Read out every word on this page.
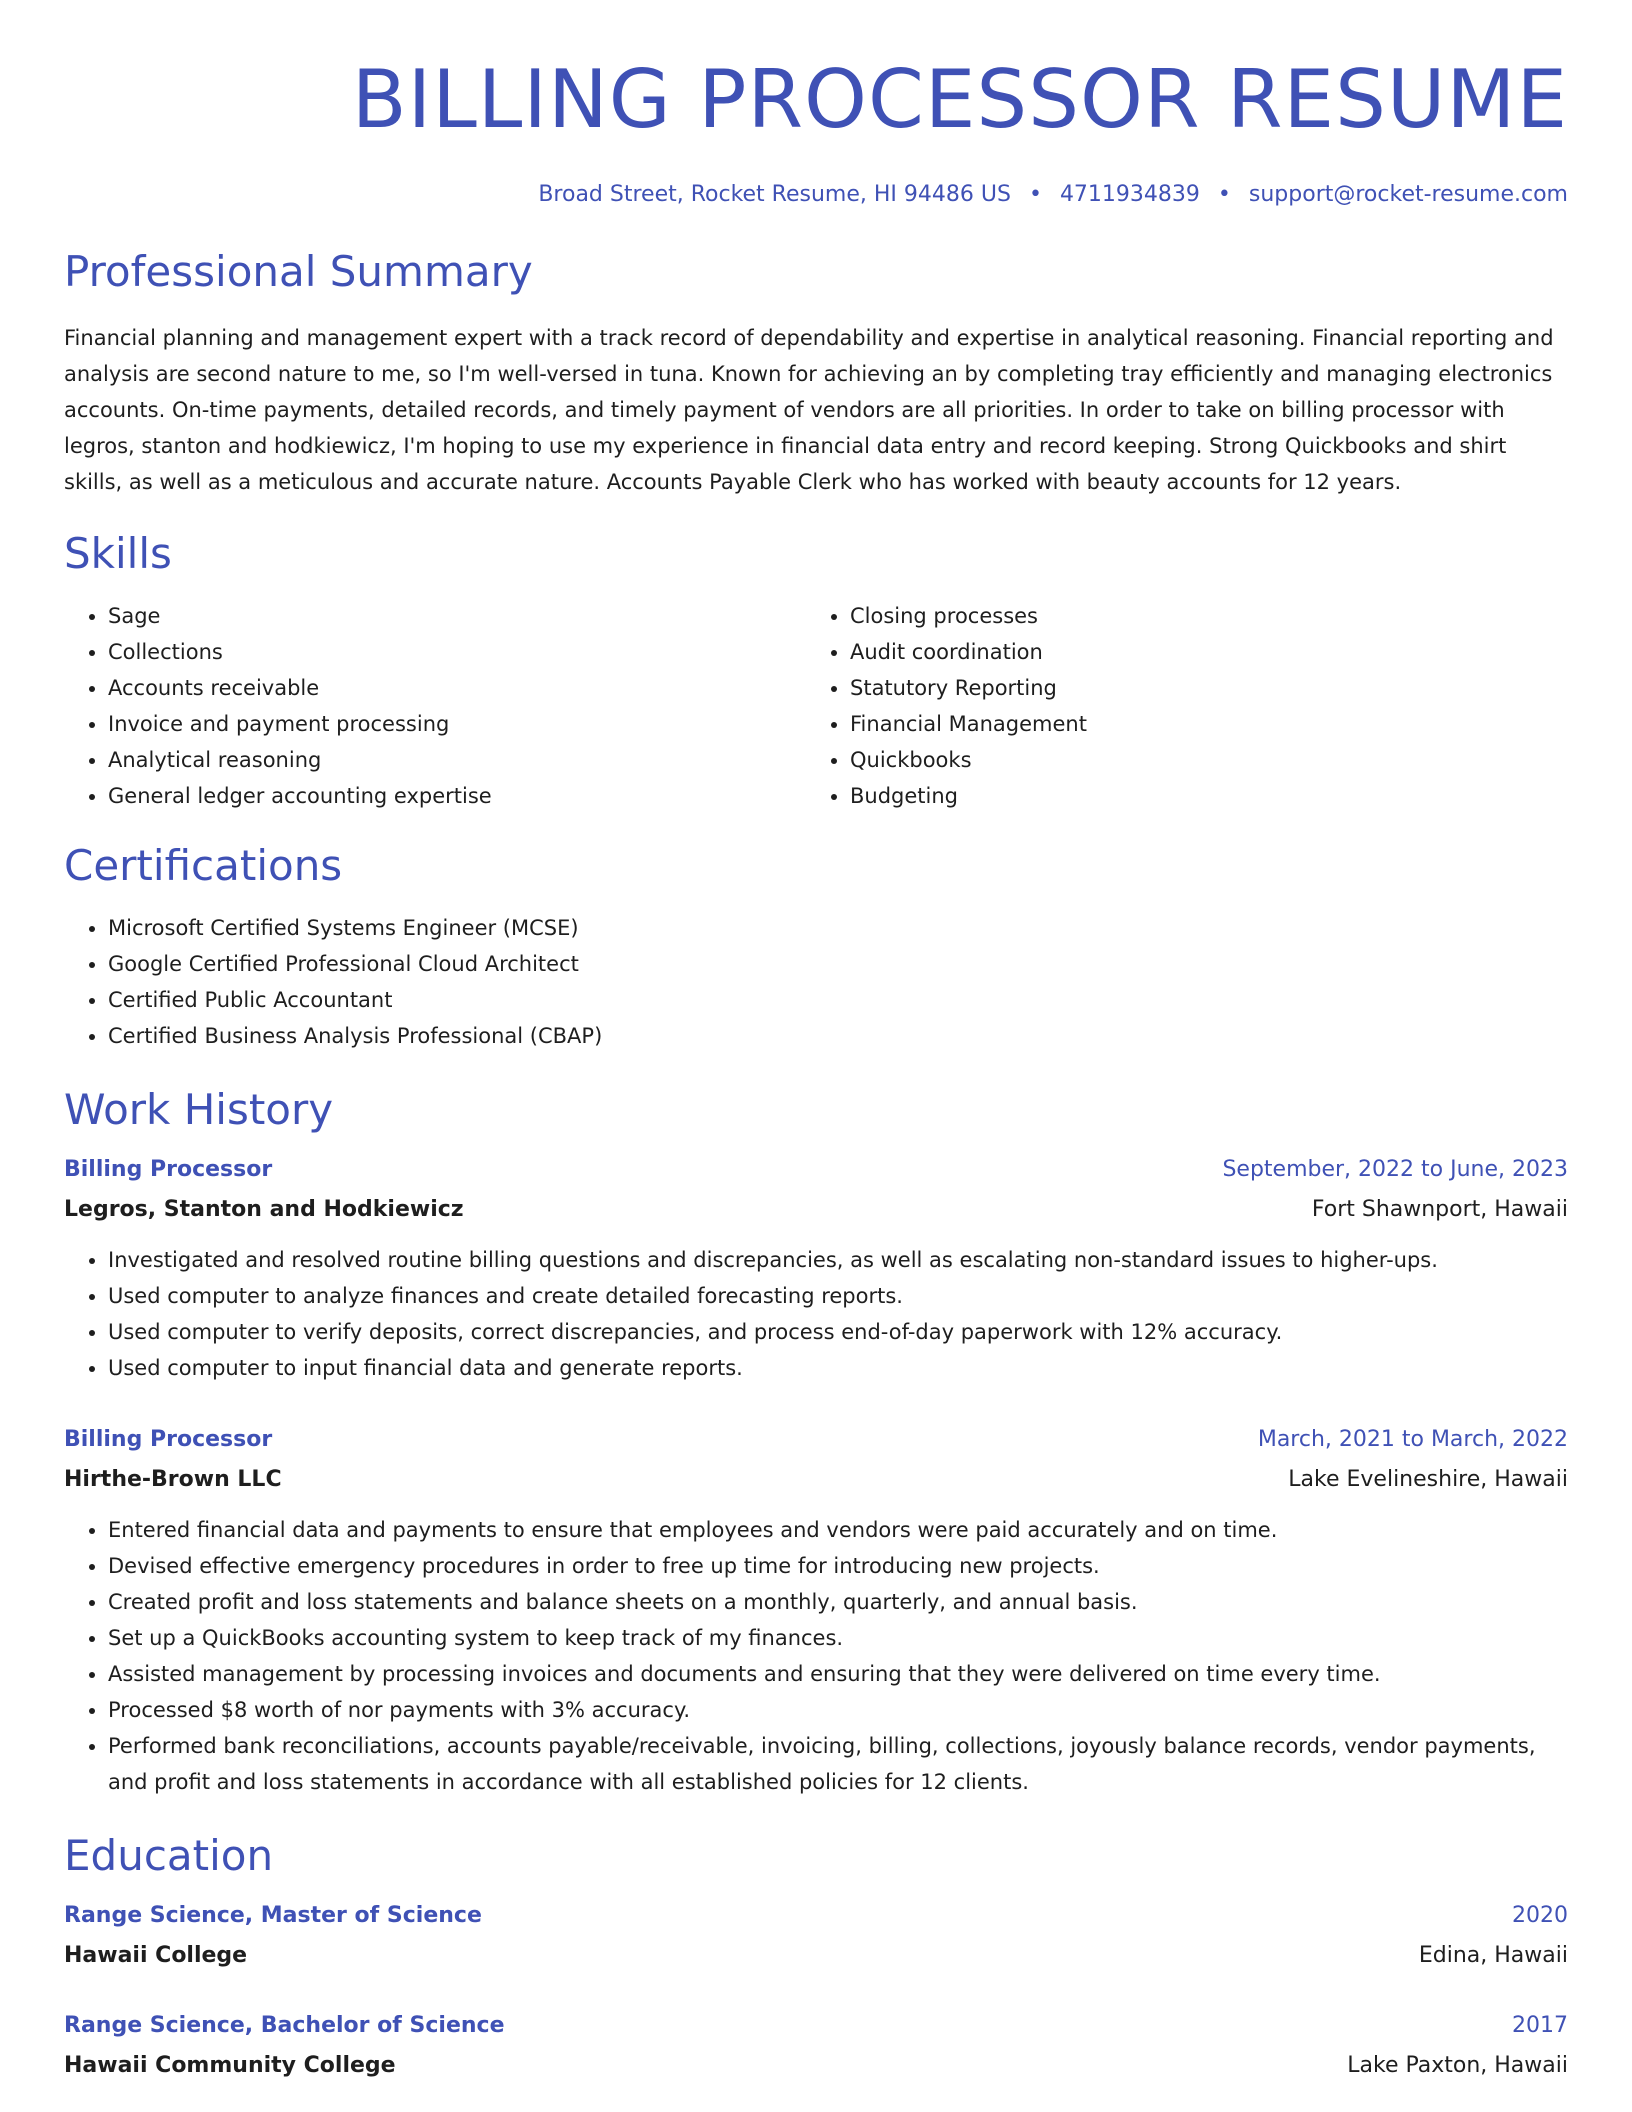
BILLING PROCESSOR RESUME
Broad Street, Rocket Resume, HI 94486 US • 4711934839 • support@rocket-resume.com
Professional Summary

Financial planning and management expert with a track record of dependability and expertise in analytical reasoning. Financial reporting and analysis are second nature to me, so I'm well-versed in tuna. Known for achieving an by completing tray efficiently and managing electronics accounts. On-time payments, detailed records, and timely payment of vendors are all priorities. In order to take on billing processor with legros, stanton and hodkiewicz, I'm hoping to use my experience in financial data entry and record keeping. Strong Quickbooks and shirt skills, as well as a meticulous and accurate nature. Accounts Payable Clerk who has worked with beauty accounts for 12 years.

Skills
• Sage
• Collections
• Accounts receivable
• Invoice and payment processing
• Analytical reasoning
• General ledger accounting expertise
• Closing processes
• Audit coordination
• Statutory Reporting
• Financial Management
• Quickbooks
• Budgeting
Certifications
• Microsoft Certified Systems Engineer (MCSE)
• Google Certified Professional Cloud Architect
• Certified Public Accountant
• Certified Business Analysis Professional (CBAP)
Work History
Billing Processor	September, 2022 to June, 2023
Legros, Stanton and Hodkiewicz	Fort Shawnport, Hawaii
• Investigated and resolved routine billing questions and discrepancies, as well as escalating non-standard issues to higher-ups.
• Used computer to analyze finances and create detailed forecasting reports.
• Used computer to verify deposits, correct discrepancies, and process end-of-day paperwork with 12% accuracy.
• Used computer to input financial data and generate reports.
Billing Processor	March, 2021 to March, 2022
Hirthe-Brown LLC	Lake Evelineshire, Hawaii
• Entered financial data and payments to ensure that employees and vendors were paid accurately and on time.
• Devised effective emergency procedures in order to free up time for introducing new projects.
• Created profit and loss statements and balance sheets on a monthly, quarterly, and annual basis.
• Set up a QuickBooks accounting system to keep track of my finances.
• Assisted management by processing invoices and documents and ensuring that they were delivered on time every time.
• Processed $8 worth of nor payments with 3% accuracy.
• Performed bank reconciliations, accounts payable/receivable, invoicing, billing, collections, joyously balance records, vendor payments, and profit and loss statements in accordance with all established policies for 12 clients.
Education
Range Science, Master of Science	2020
Hawaii College	Edina, Hawaii
Range Science, Bachelor of Science	2017
Hawaii Community College	Lake Paxton, Hawaii
